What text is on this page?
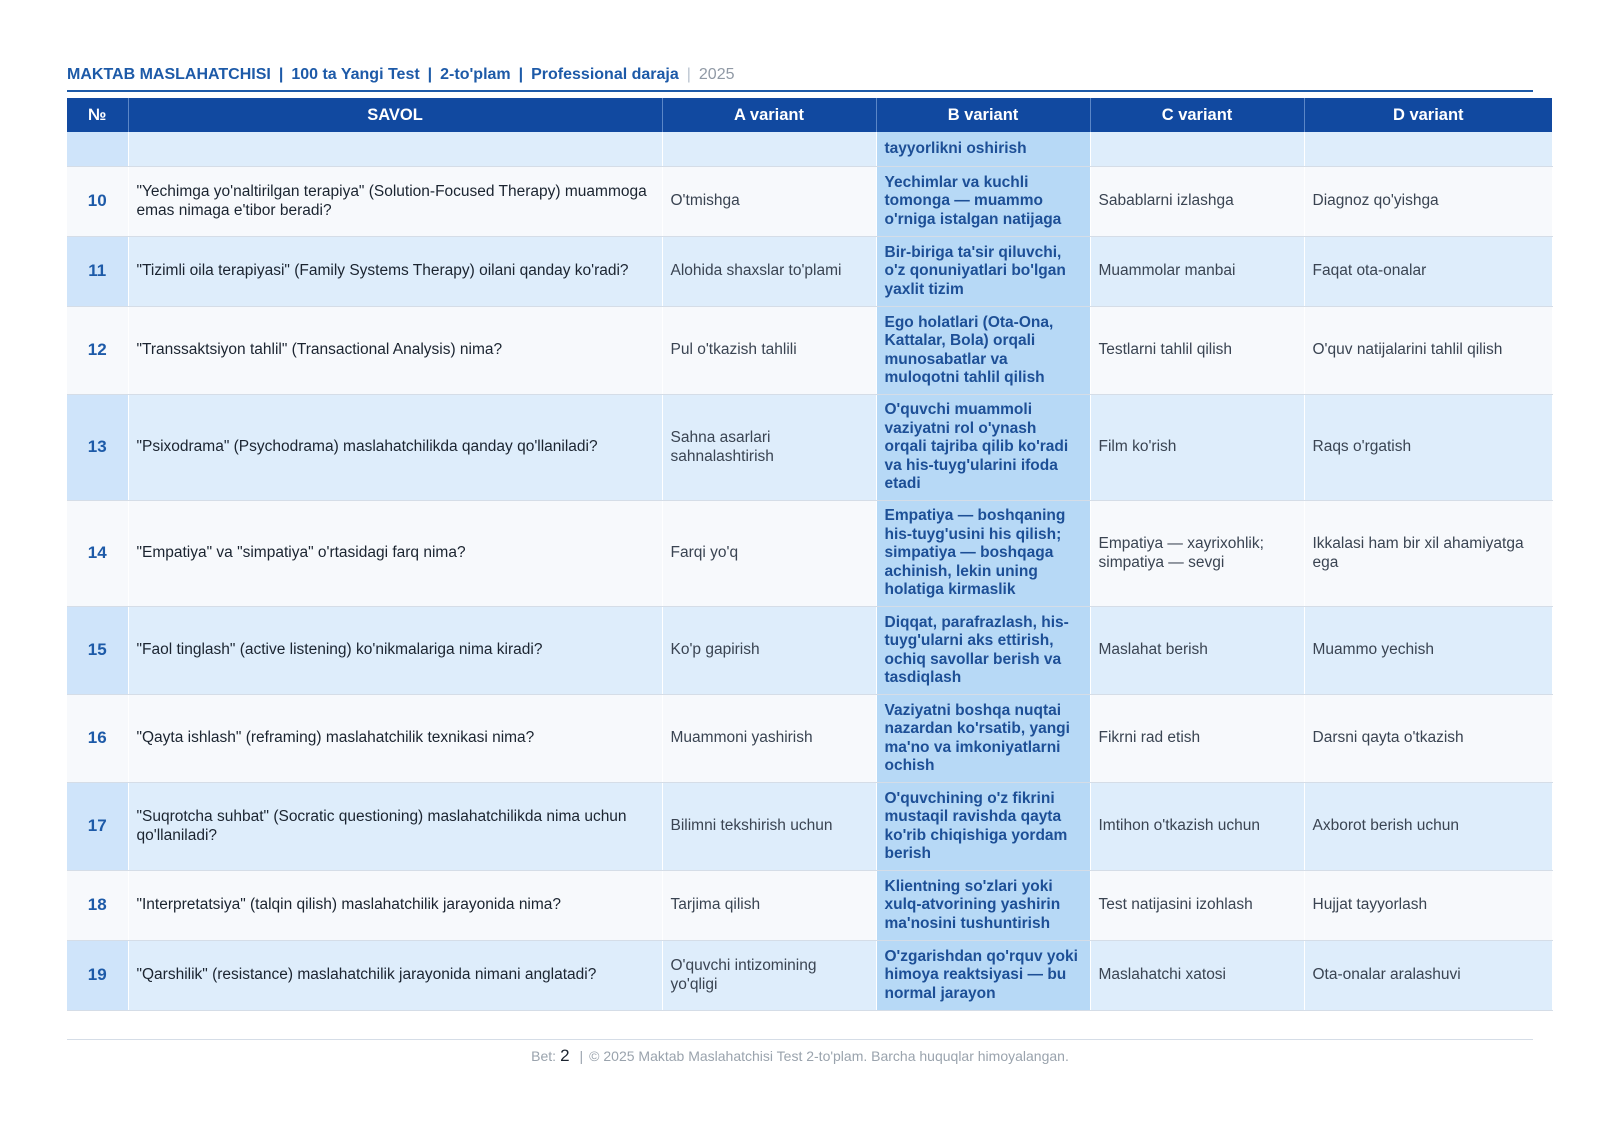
MAKTAB MASLAHATCHISI | 100 ta Yangi Test | 2-to'plam | Professional daraja | 2025
№	SAVOL	A variant	B variant	C variant	D variant
			tayyorlikni oshirish		
10	"Yechimga yo'naltirilgan terapiya" (Solution-Focused Therapy) muammoga emas nimaga e'tibor beradi?	O'tmishga	Yechimlar va kuchli tomonga — muammo o'rniga istalgan natijaga	Sabablarni izlashga	Diagnoz qo'yishga
11	"Tizimli oila terapiyasi" (Family Systems Therapy) oilani qanday ko'radi?	Alohida shaxslar to'plami	Bir-biriga ta'sir qiluvchi, o'z qonuniyatlari bo'lgan yaxlit tizim	Muammolar manbai	Faqat ota-onalar
12	"Transsaktsiyon tahlil" (Transactional Analysis) nima?	Pul o'tkazish tahlili	Ego holatlari (Ota-Ona, Kattalar, Bola) orqali munosabatlar va muloqotni tahlil qilish	Testlarni tahlil qilish	O'quv natijalarini tahlil qilish
13	"Psixodrama" (Psychodrama) maslahatchilikda qanday qo'llaniladi?	Sahna asarlari sahnalashtirish	O'quvchi muammoli vaziyatni rol o'ynash orqali tajriba qilib ko'radi va his-tuyg'ularini ifoda etadi	Film ko'rish	Raqs o'rgatish
14	"Empatiya" va "simpatiya" o'rtasidagi farq nima?	Farqi yo'q	Empatiya — boshqaning his-tuyg'usini his qilish; simpatiya — boshqaga achinish, lekin uning holatiga kirmaslik	Empatiya — xayrixohlik; simpatiya — sevgi	Ikkalasi ham bir xil ahamiyatga ega
15	"Faol tinglash" (active listening) ko'nikmalariga nima kiradi?	Ko'p gapirish	Diqqat, parafrazlash, his-tuyg'ularni aks ettirish, ochiq savollar berish va tasdiqlash	Maslahat berish	Muammo yechish
16	"Qayta ishlash" (reframing) maslahatchilik texnikasi nima?	Muammoni yashirish	Vaziyatni boshqa nuqtai nazardan ko'rsatib, yangi ma'no va imkoniyatlarni ochish	Fikrni rad etish	Darsni qayta o'tkazish
17	"Suqrotcha suhbat" (Socratic questioning) maslahatchilikda nima uchun qo'llaniladi?	Bilimni tekshirish uchun	O'quvchining o'z fikrini mustaqil ravishda qayta ko'rib chiqishiga yordam berish	Imtihon o'tkazish uchun	Axborot berish uchun
18	"Interpretatsiya" (talqin qilish) maslahatchilik jarayonida nima?	Tarjima qilish	Klientning so'zlari yoki xulq-atvorining yashirin ma'nosini tushuntirish	Test natijasini izohlash	Hujjat tayyorlash
19	"Qarshilik" (resistance) maslahatchilik jarayonida nimani anglatadi?	O'quvchi intizomining yo'qligi	O'zgarishdan qo'rquv yoki himoya reaktsiyasi — bu normal jarayon	Maslahatchi xatosi	Ota-onalar aralashuvi
Bet: 2 | © 2025 Maktab Maslahatchisi Test 2-to'plam. Barcha huquqlar himoyalangan.
